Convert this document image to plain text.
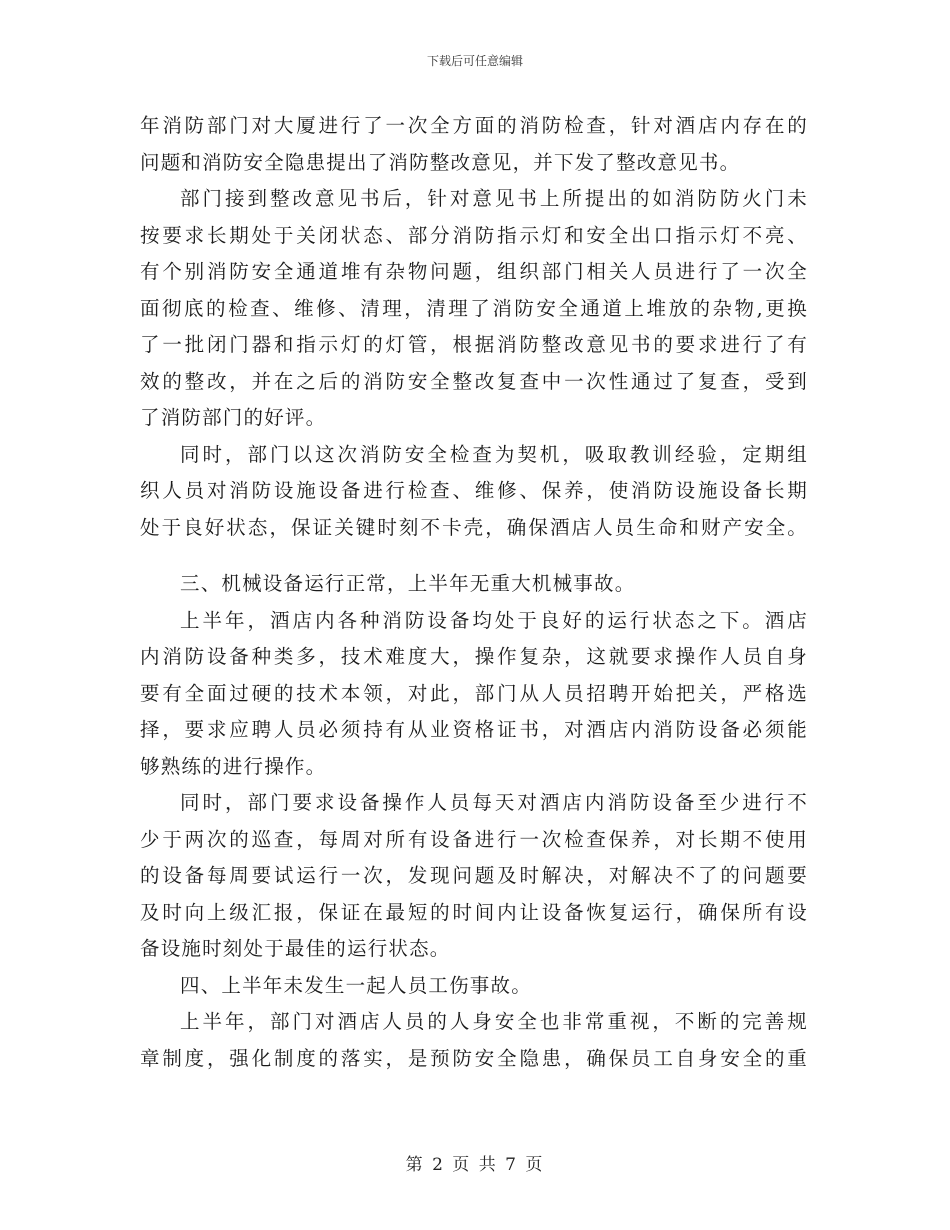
下载后可任意编辑
年消防部门对大厦进行了一次全方面的消防检查，针对酒店内存在的
问题和消防安全隐患提出了消防整改意见，并下发了整改意见书。
部门接到整改意见书后，针对意见书上所提出的如消防防火门未
按要求长期处于关闭状态、部分消防指示灯和安全出口指示灯不亮、
有个别消防安全通道堆有杂物问题，组织部门相关人员进行了一次全
面彻底的检查、维修、清理，清理了消防安全通道上堆放的杂物,更换
了一批闭门器和指示灯的灯管，根据消防整改意见书的要求进行了有
效的整改，并在之后的消防安全整改复查中一次性通过了复查，受到
了消防部门的好评。
同时，部门以这次消防安全检查为契机，吸取教训经验，定期组
织人员对消防设施设备进行检查、维修、保养，使消防设施设备长期
处于良好状态，保证关键时刻不卡壳，确保酒店人员生命和财产安全。
三、机械设备运行正常，上半年无重大机械事故。
上半年，酒店内各种消防设备均处于良好的运行状态之下。酒店
内消防设备种类多，技术难度大，操作复杂，这就要求操作人员自身
要有全面过硬的技术本领，对此，部门从人员招聘开始把关，严格选
择，要求应聘人员必须持有从业资格证书，对酒店内消防设备必须能
够熟练的进行操作。
同时，部门要求设备操作人员每天对酒店内消防设备至少进行不
少于两次的巡查，每周对所有设备进行一次检查保养，对长期不使用
的设备每周要试运行一次，发现问题及时解决，对解决不了的问题要
及时向上级汇报，保证在最短的时间内让设备恢复运行，确保所有设
备设施时刻处于最佳的运行状态。
四、上半年未发生一起人员工伤事故。
上半年，部门对酒店人员的人身安全也非常重视，不断的完善规
章制度，强化制度的落实，是预防安全隐患，确保员工自身安全的重
第 2 页 共 7 页
